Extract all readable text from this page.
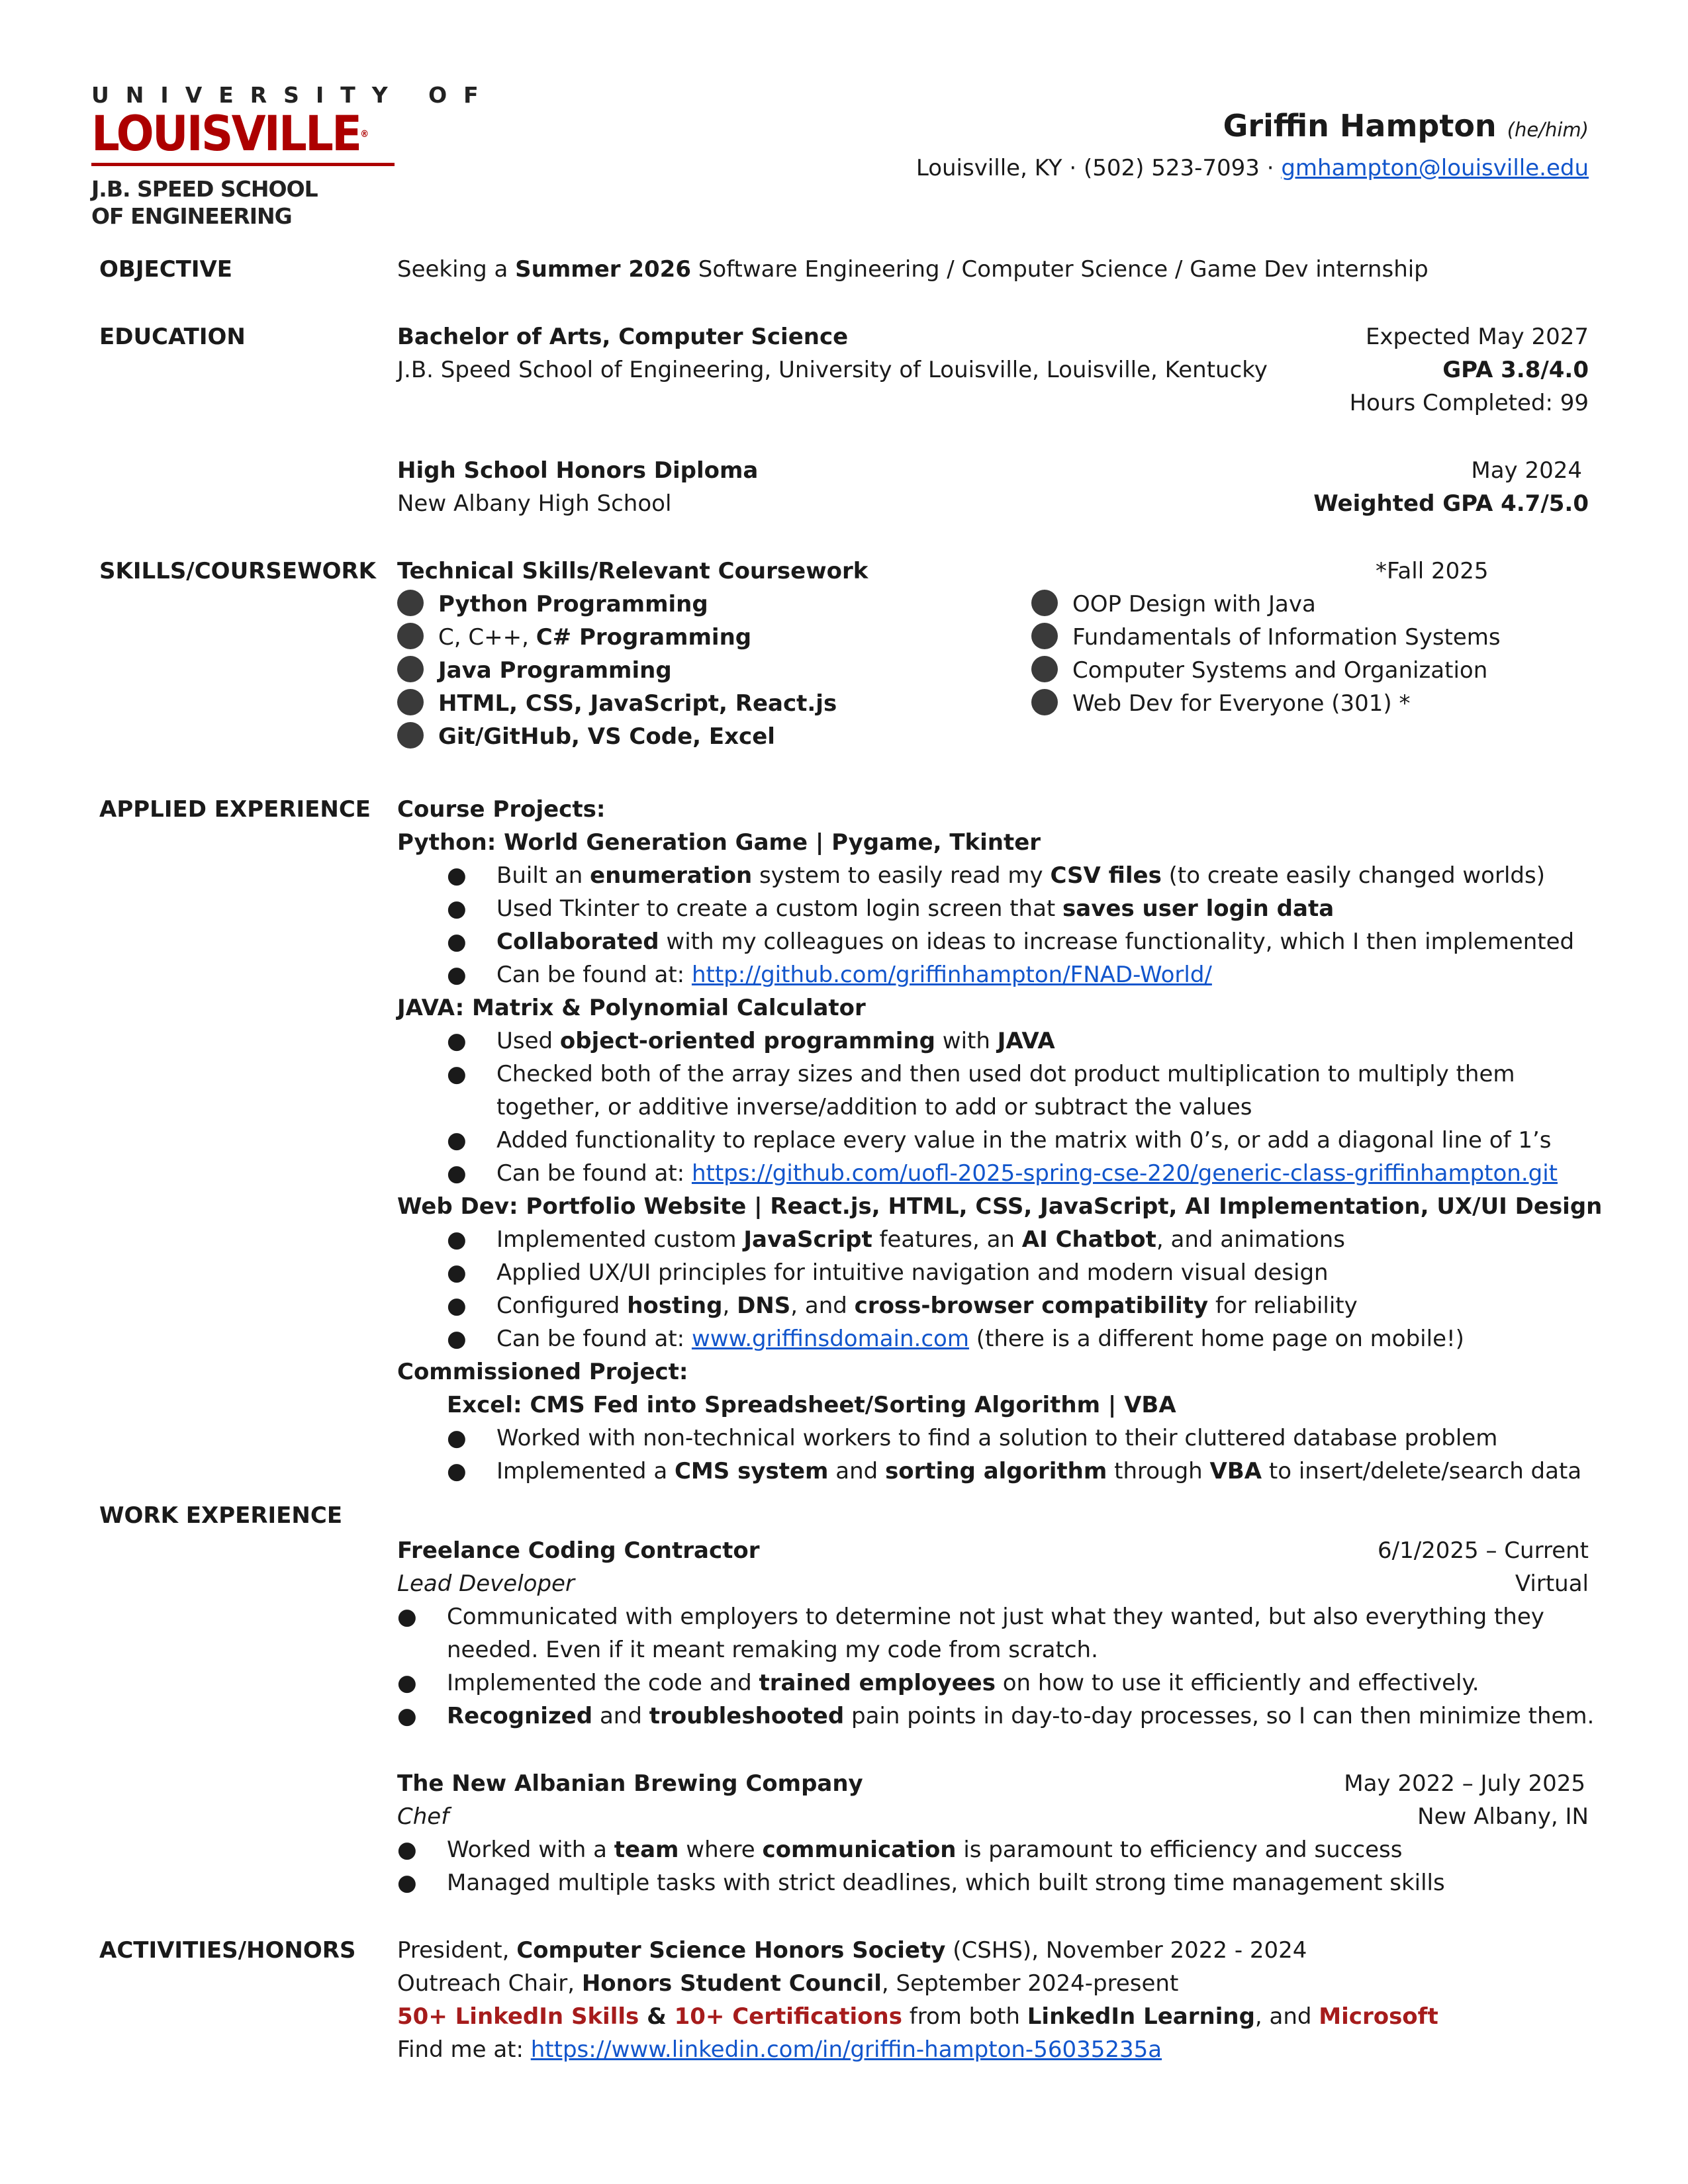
UNIVERSITY OF
LOUISVILLE®
J.B. SPEED SCHOOL
OF ENGINEERING
Griffin Hampton (he/him)
Louisville, KY · (502) 523-7093 · gmhampton@louisville.edu
OBJECTIVE	Seeking a Summer 2026 Software Engineering / Computer Science / Game Dev internship
EDUCATION	Bachelor of Arts, Computer Science	Expected May 2027
J.B. Speed School of Engineering, University of Louisville, Louisville, Kentucky	GPA 3.8/4.0
Hours Completed: 99
High School Honors Diploma	May 2024
New Albany High School	Weighted GPA 4.7/5.0
SKILLS/COURSEWORK Technical Skills/Relevant Coursework	*Fall 2025
Python Programming
C, C++, C# Programming
Java Programming
HTML, CSS, JavaScript, React.js
Git/GitHub, VS Code, Excel
OOP Design with Java
Fundamentals of Information Systems
Computer Systems and Organization
Web Dev for Everyone (301) *
APPLIED EXPERIENCE Course Projects:
Python: World Generation Game | Pygame, Tkinter
● Built an enumeration system to easily read my CSV files (to create easily changed worlds)
● Used Tkinter to create a custom login screen that saves user login data
● Collaborated with my colleagues on ideas to increase functionality, which I then implemented
● Can be found at: http://github.com/griffinhampton/FNAD-World/
JAVA: Matrix & Polynomial Calculator
● Used object-oriented programming with JAVA
● Checked both of the array sizes and then used dot product multiplication to multiply them
together, or additive inverse/addition to add or subtract the values
● Added functionality to replace every value in the matrix with 0’s, or add a diagonal line of 1’s
● Can be found at: https://github.com/uofl-2025-spring-cse-220/generic-class-griffinhampton.git
Web Dev: Portfolio Website | React.js, HTML, CSS, JavaScript, AI Implementation, UX/UI Design
● Implemented custom JavaScript features, an AI Chatbot, and animations
● Applied UX/UI principles for intuitive navigation and modern visual design
● Configured hosting, DNS, and cross-browser compatibility for reliability
● Can be found at: www.griffinsdomain.com (there is a different home page on mobile!)
Commissioned Project:
Excel: CMS Fed into Spreadsheet/Sorting Algorithm | VBA
● Worked with non-technical workers to find a solution to their cluttered database problem
● Implemented a CMS system and sorting algorithm through VBA to insert/delete/search data
WORK EXPERIENCE
Freelance Coding Contractor	6/1/2025 – Current
Lead Developer	Virtual
● Communicated with employers to determine not just what they wanted, but also everything they
needed. Even if it meant remaking my code from scratch.
● Implemented the code and trained employees on how to use it efficiently and effectively.
● Recognized and troubleshooted pain points in day-to-day processes, so I can then minimize them.
The New Albanian Brewing Company	May 2022 – July 2025
Chef	New Albany, IN
● Worked with a team where communication is paramount to efficiency and success
● Managed multiple tasks with strict deadlines, which built strong time management skills
ACTIVITIES/HONORS President, Computer Science Honors Society (CSHS), November 2022 - 2024
Outreach Chair, Honors Student Council, September 2024-present
50+ LinkedIn Skills & 10+ Certifications from both LinkedIn Learning, and Microsoft
Find me at: https://www.linkedin.com/in/griffin-hampton-56035235a
